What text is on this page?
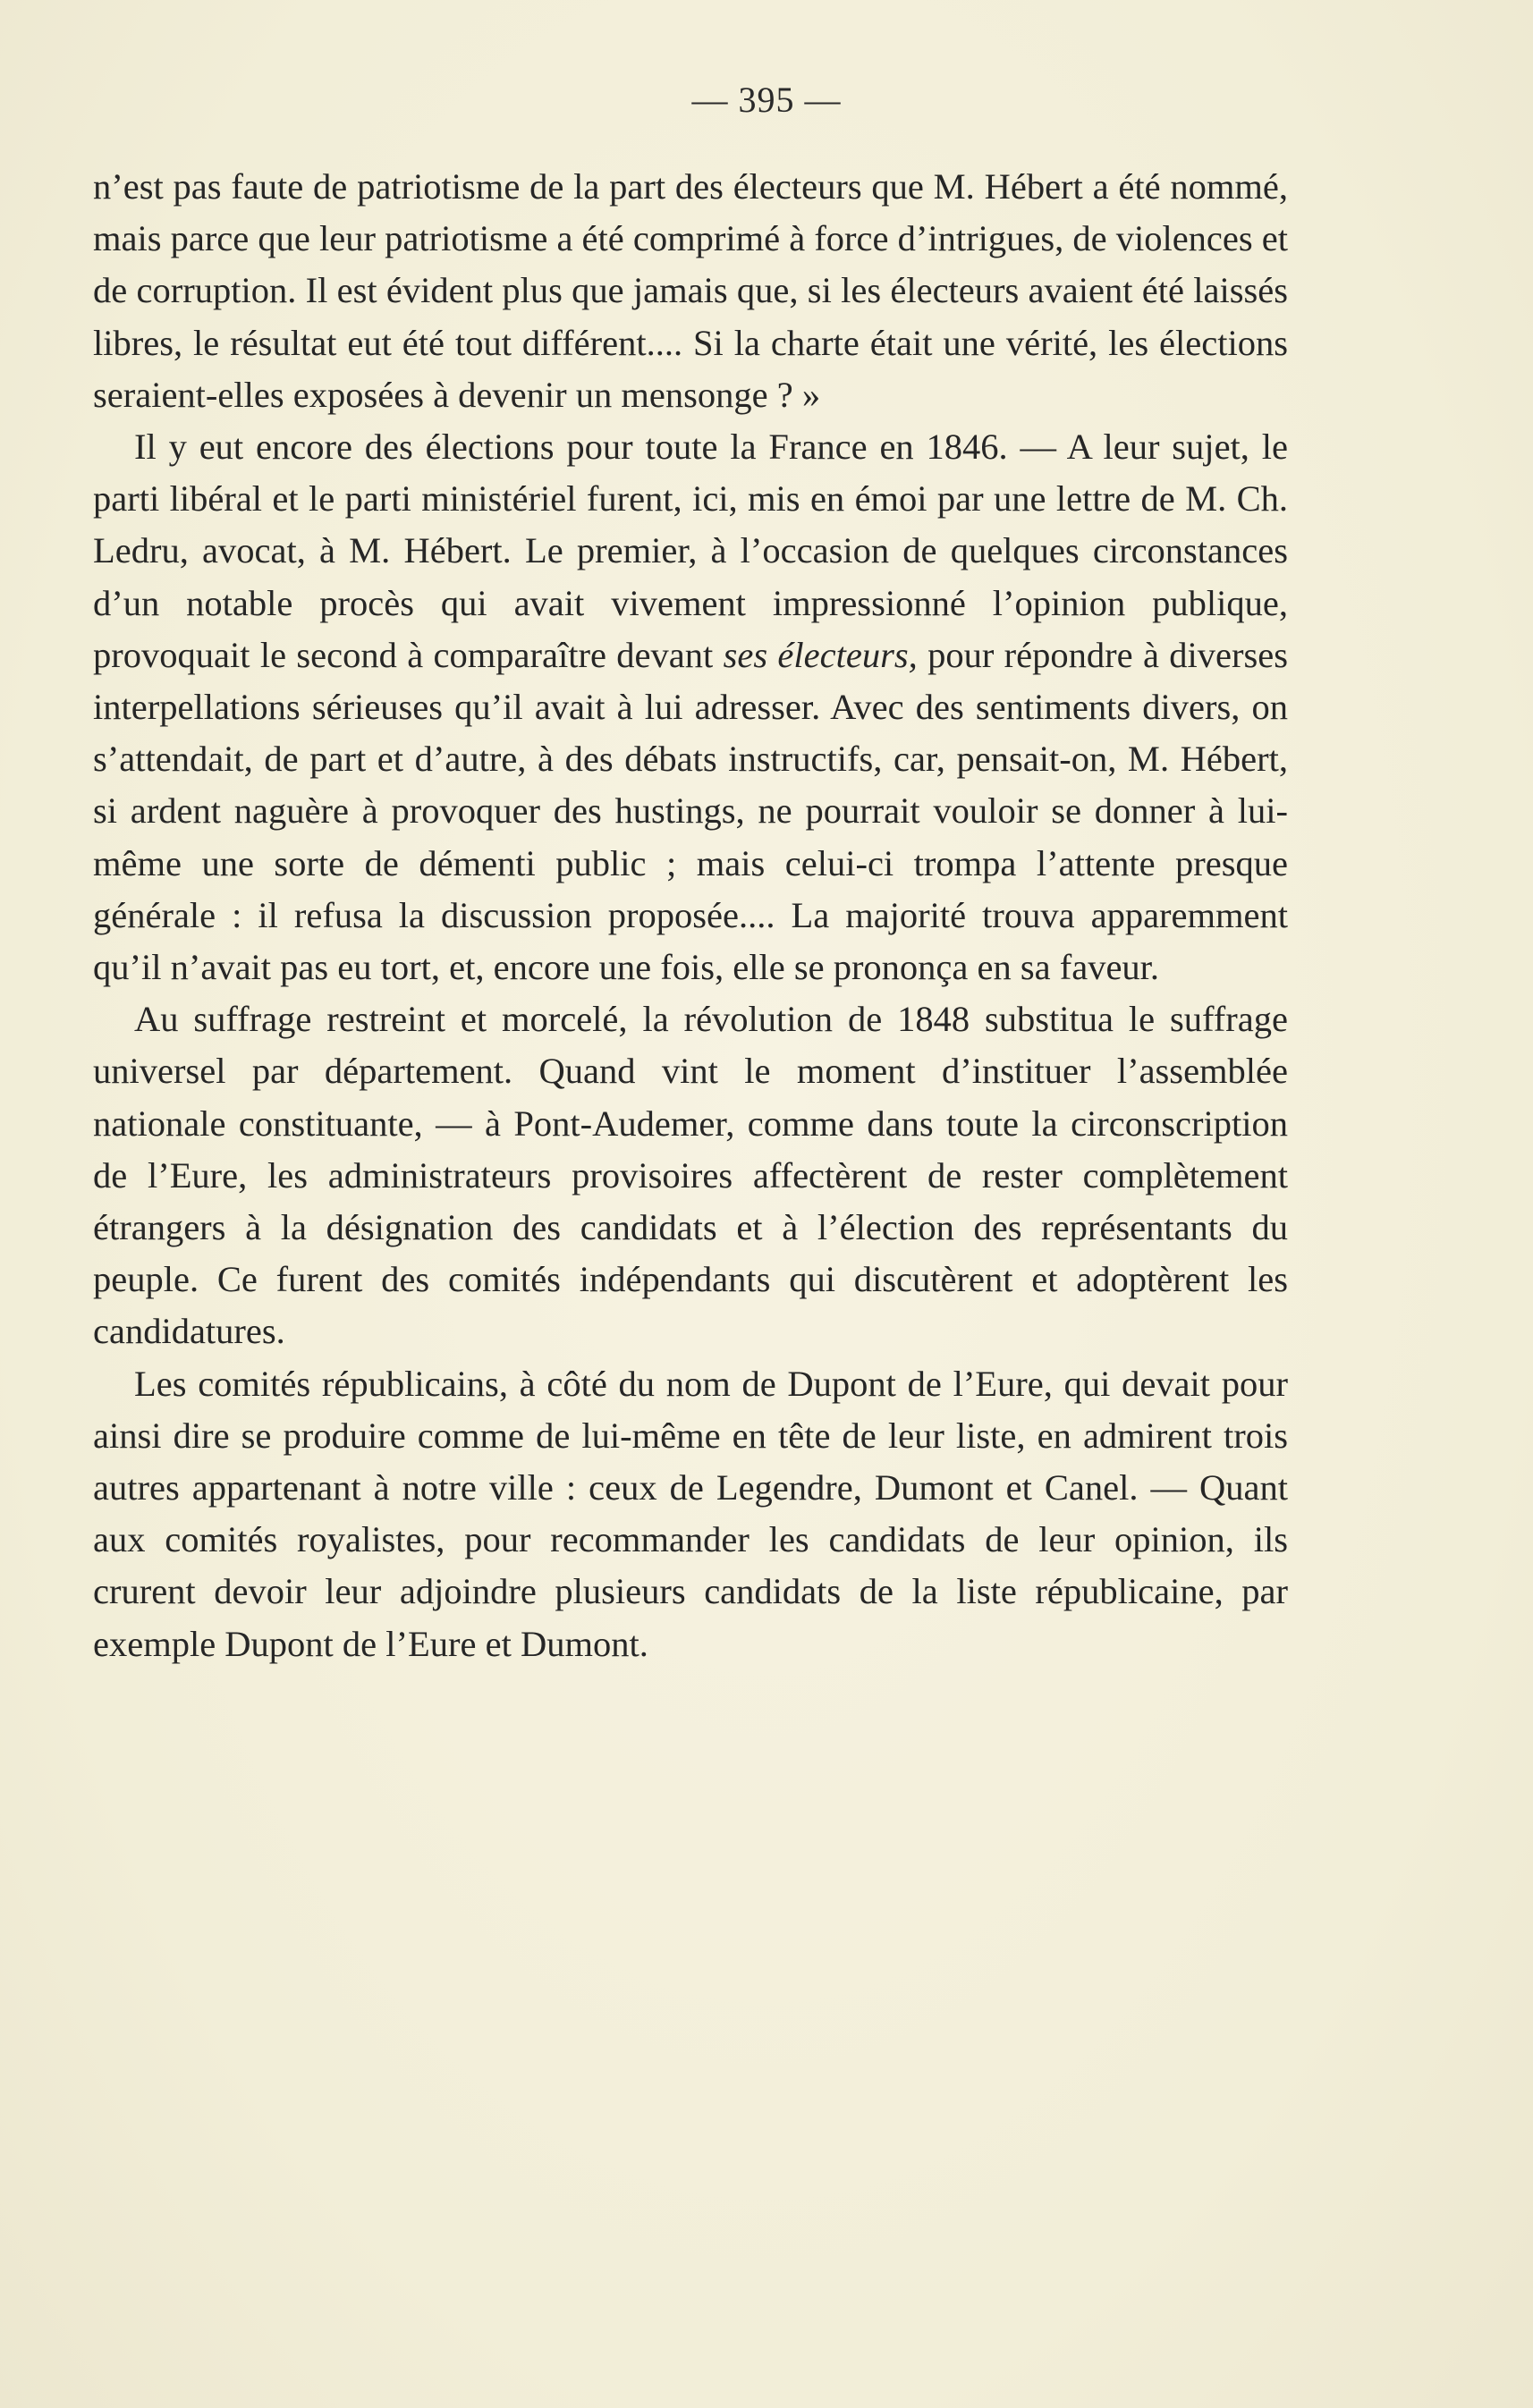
— 395 —

n’est pas faute de patriotisme de la part des électeurs que M. Hébert a été nommé, mais parce que leur patriotisme a été comprimé à force d’intrigues, de violences et de corruption. Il est évident plus que jamais que, si les électeurs avaient été laissés libres, le résultat eut été tout différent.... Si la charte était une vérité, les élections seraient-elles exposées à devenir un mensonge ? »

Il y eut encore des élections pour toute la France en 1846. — A leur sujet, le parti libéral et le parti ministériel furent, ici, mis en émoi par une lettre de M. Ch. Ledru, avocat, à M. Hébert. Le premier, à l’occasion de quelques circonstances d’un notable procès qui avait vivement impressionné l’opinion publique, provoquait le second à comparaître devant ses électeurs, pour répondre à diverses interpellations sérieuses qu’il avait à lui adresser. Avec des sentiments divers, on s’attendait, de part et d’autre, à des débats instructifs, car, pensait-on, M. Hébert, si ardent naguère à provoquer des hustings, ne pourrait vouloir se donner à lui-même une sorte de démenti public ; mais celui-ci trompa l’attente presque générale : il refusa la discussion proposée.... La majorité trouva apparemment qu’il n’avait pas eu tort, et, encore une fois, elle se prononça en sa faveur.

Au suffrage restreint et morcelé, la révolution de 1848 substitua le suffrage universel par département. Quand vint le moment d’instituer l’assemblée nationale constituante, — à Pont-Audemer, comme dans toute la circonscription de l’Eure, les administrateurs provisoires affectèrent de rester complètement étrangers à la désignation des candidats et à l’élection des représentants du peuple. Ce furent des comités indépendants qui discutèrent et adoptèrent les candidatures.

Les comités républicains, à côté du nom de Dupont de l’Eure, qui devait pour ainsi dire se produire comme de lui-même en tête de leur liste, en admirent trois autres appartenant à notre ville : ceux de Legendre, Dumont et Canel. — Quant aux comités royalistes, pour recommander les candidats de leur opinion, ils crurent devoir leur adjoindre plusieurs candidats de la liste républicaine, par exemple Dupont de l’Eure et Dumont.
